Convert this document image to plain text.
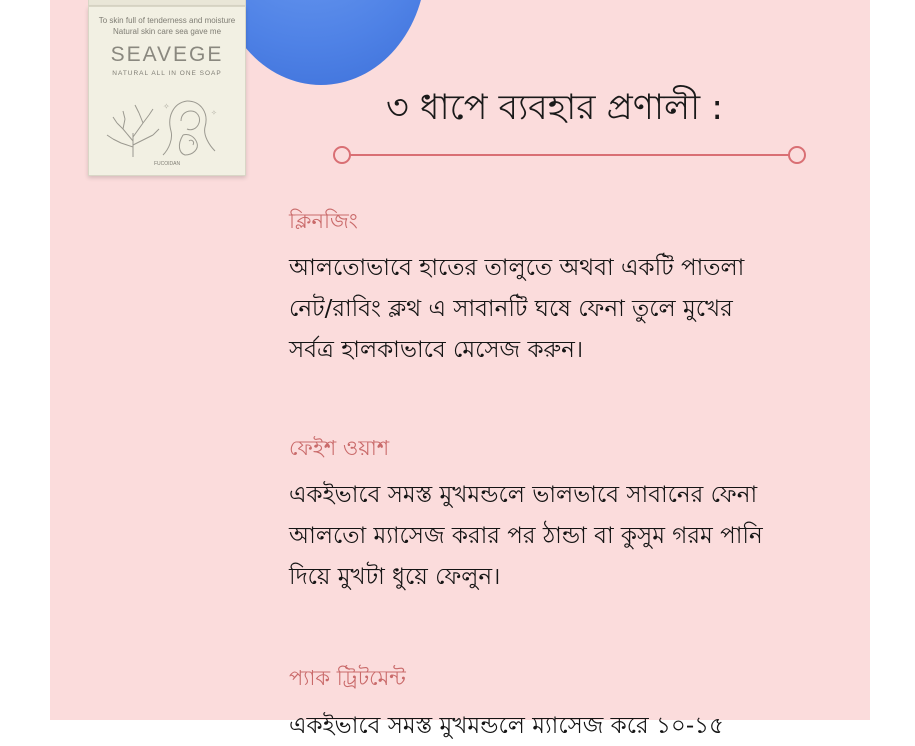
To skin full of tenderness and moisture
Natural skin care sea gave me
SEAVEGE
NATURAL ALL IN ONE SOAP
✧
✧
FUCOIDAN
৩ ধাপে ব্যবহার প্রণালী :
ক্লিনজিং
আলতোভাবে হাতের তালুতে অথবা একটি পাতলা
নেট/রাবিং ক্লথ এ সাবানটি ঘষে ফেনা তুলে মুখের
সর্বত্র হালকাভাবে মেসেজ করুন।
ফেইশ ওয়াশ
একইভাবে সমস্ত মুখমন্ডলে ভালভাবে সাবানের ফেনা
আলতো ম্যাসেজ করার পর ঠান্ডা বা কুসুম গরম পানি
দিয়ে মুখটা ধুয়ে ফেলুন।
প্যাক ট্রিটমেন্ট
একইভাবে সমস্ত মুখমন্ডলে ম্যাসেজ করে ১০-১৫
